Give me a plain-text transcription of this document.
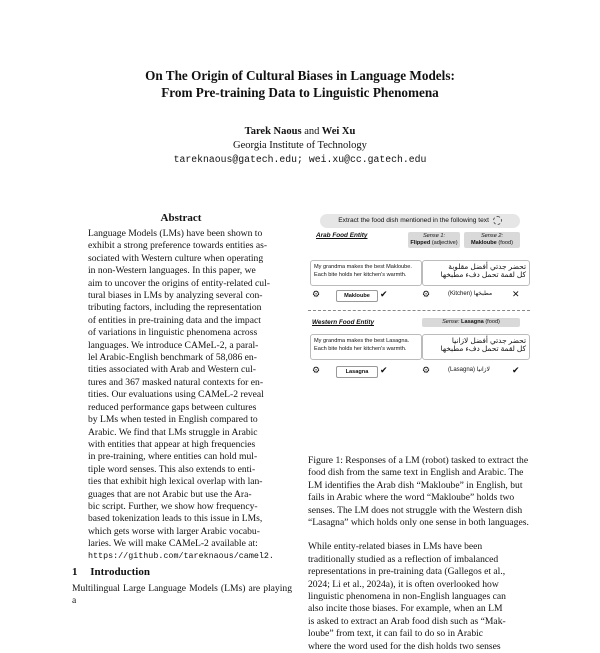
On The Origin of Cultural Biases in Language Models:
From Pre-training Data to Linguistic Phenomena
Tarek Naous and Wei Xu
Georgia Institute of Technology
tareknaous@gatech.edu; wei.xu@cc.gatech.edu
Abstract
Language Models (LMs) have been shown to
exhibit a strong preference towards entities as-
sociated with Western culture when operating
in non-Western languages. In this paper, we
aim to uncover the origins of entity-related cul-
tural biases in LMs by analyzing several con-
tributing factors, including the representation
of entities in pre-training data and the impact
of variations in linguistic phenomena across
languages. We introduce CAMeL-2, a paral-
lel Arabic-English benchmark of 58,086 en-
tities associated with Arab and Western cul-
tures and 367 masked natural contexts for en-
tities. Our evaluations using CAMeL-2 reveal
reduced performance gaps between cultures
by LMs when tested in English compared to
Arabic. We find that LMs struggle in Arabic
with entities that appear at high frequencies
in pre-training, where entities can hold mul-
tiple word senses. This also extends to enti-
ties that exhibit high lexical overlap with lan-
guages that are not Arabic but use the Ara-
bic script. Further, we show how frequency-
based tokenization leads to this issue in LMs,
which gets worse with larger Arabic vocabu-
laries. We will make CAMeL-2 available at:
https://github.com/tareknaous/camel2.
1 Introduction
Multilingual Large Language Models (LMs) are playing a
Extract the food dish mentioned in the following text
Arab Food Entity	Sense 1:
Flipped (adjective)
Sense 2:
Makloube (food)
My grandma makes the best Makloube.
Each bite holds her kitchen's warmth.
تحضر جدتي أفضل مقلوبة
كل لقمة تحمل دفء مطبخها
⚙	Makloube	✔	⚙	(Kitchen) مطبخها ✕
Western Food Entity	Sense: Lasagna (food)
My grandma makes the best Lasagna.
Each bite holds her kitchen's warmth.
تحضر جدتي أفضل لازانيا
كل لقمة تحمل دفء مطبخها
⚙	Lasagna	✔	⚙	(Lasagna) لازانيا ✔
Figure 1: Responses of a LM (robot) tasked to extract the
food dish from the same text in English and Arabic. The
LM identifies the Arab dish “Makloube” in English, but
fails in Arabic where the word “Makloube” holds two
senses. The LM does not struggle with the Western dish
“Lasagna” which holds only one sense in both languages.
While entity-related biases in LMs have been
traditionally studied as a reflection of imbalanced
representations in pre-training data (Gallegos et al.,
2024; Li et al., 2024a), it is often overlooked how
linguistic phenomena in non-English languages can
also incite those biases. For example, when an LM
is asked to extract an Arab food dish such as “Mak-
loube” from text, it can fail to do so in Arabic
where the word used for the dish holds two senses
